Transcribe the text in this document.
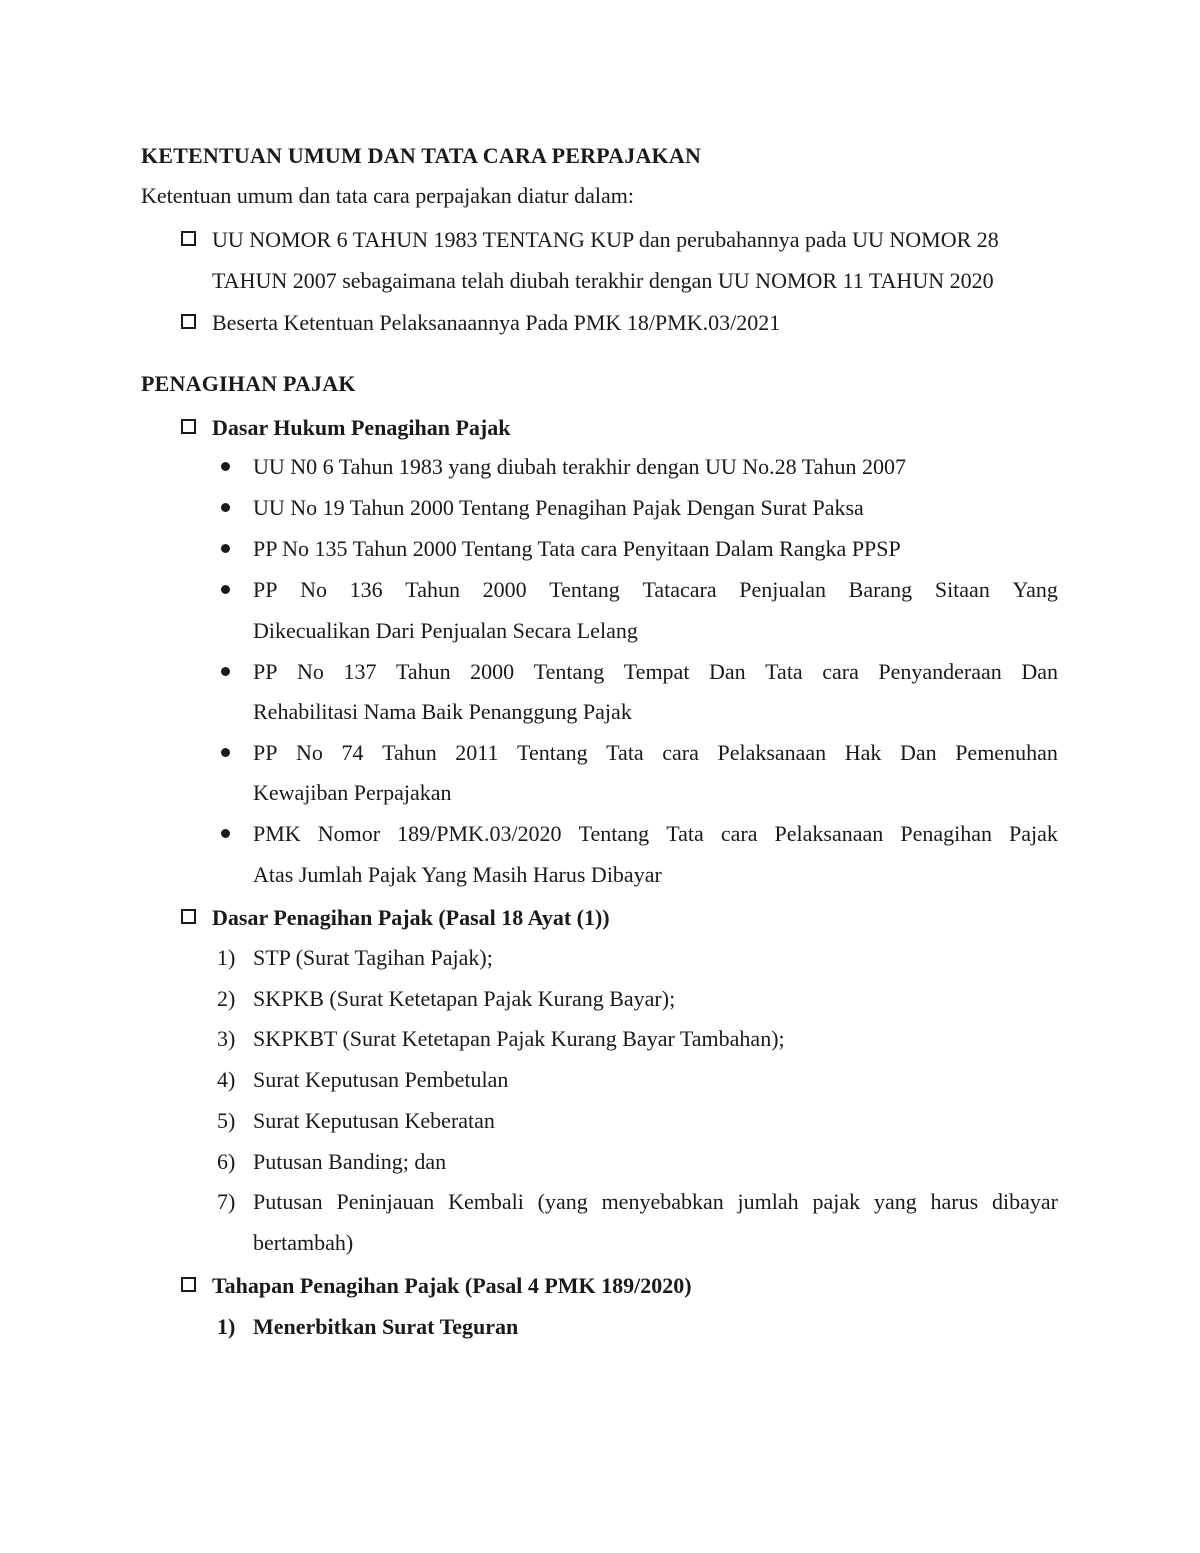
KETENTUAN UMUM DAN TATA CARA PERPAJAKAN
Ketentuan umum dan tata cara perpajakan diatur dalam:
UU NOMOR 6 TAHUN 1983 TENTANG KUP dan perubahannya pada UU NOMOR 28
TAHUN 2007 sebagaimana telah diubah terakhir dengan UU NOMOR 11 TAHUN 2020
Beserta Ketentuan Pelaksanaannya Pada PMK 18/PMK.03/2021
PENAGIHAN PAJAK
Dasar Hukum Penagihan Pajak
UU N0 6 Tahun 1983 yang diubah terakhir dengan UU No.28 Tahun 2007
UU No 19 Tahun 2000 Tentang Penagihan Pajak Dengan Surat Paksa
PP No 135 Tahun 2000 Tentang Tata cara Penyitaan Dalam Rangka PPSP
PP No 136 Tahun 2000 Tentang Tatacara Penjualan Barang Sitaan Yang
Dikecualikan Dari Penjualan Secara Lelang
PP No 137 Tahun 2000 Tentang Tempat Dan Tata cara Penyanderaan Dan
Rehabilitasi Nama Baik Penanggung Pajak
PP No 74 Tahun 2011 Tentang Tata cara Pelaksanaan Hak Dan Pemenuhan
Kewajiban Perpajakan
PMK Nomor 189/PMK.03/2020 Tentang Tata cara Pelaksanaan Penagihan Pajak
Atas Jumlah Pajak Yang Masih Harus Dibayar
Dasar Penagihan Pajak (Pasal 18 Ayat (1))
1) STP (Surat Tagihan Pajak);
2) SKPKB (Surat Ketetapan Pajak Kurang Bayar);
3) SKPKBT (Surat Ketetapan Pajak Kurang Bayar Tambahan);
4) Surat Keputusan Pembetulan
5) Surat Keputusan Keberatan
6) Putusan Banding; dan
7) Putusan Peninjauan Kembali (yang menyebabkan jumlah pajak yang harus dibayar
bertambah)
Tahapan Penagihan Pajak (Pasal 4 PMK 189/2020)
1) Menerbitkan Surat Teguran
